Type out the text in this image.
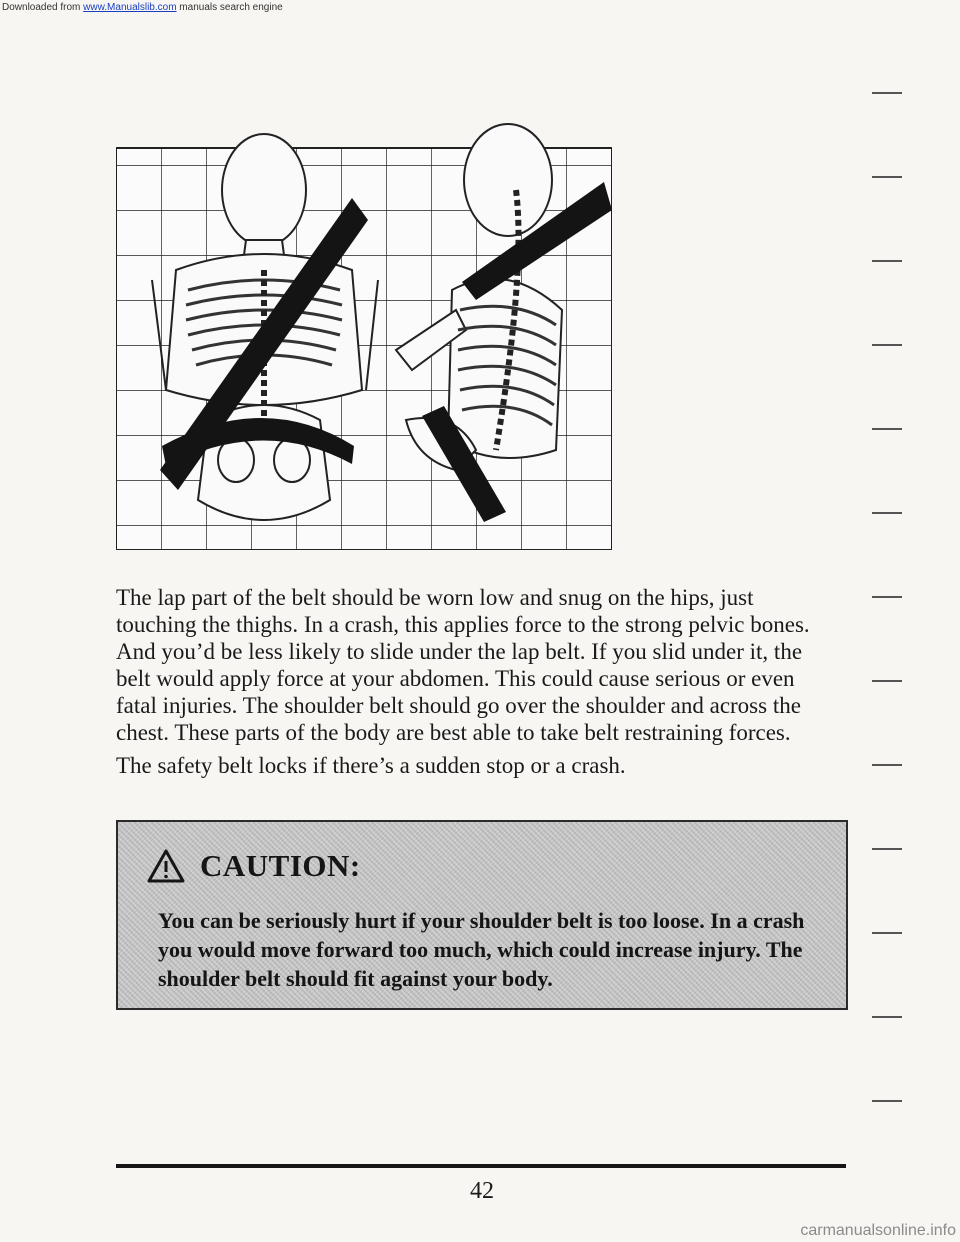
Downloaded from www.Manualslib.com manuals search engine

The lap part of the belt should be worn low and snug on the hips, just touching the thighs. In a crash, this applies force to the strong pelvic bones. And you’d be less likely to slide under the lap belt. If you slid under it, the belt would apply force at your abdomen. This could cause serious or even fatal injuries. The shoulder belt should go over the shoulder and across the chest. These parts of the body are best able to take belt restraining forces.

The safety belt locks if there’s a sudden stop or a crash.

CAUTION:
You can be seriously hurt if your shoulder belt is too loose. In a crash you would move forward too much, which could increase injury. The shoulder belt should fit against your body.
42
carmanualsonline.info
